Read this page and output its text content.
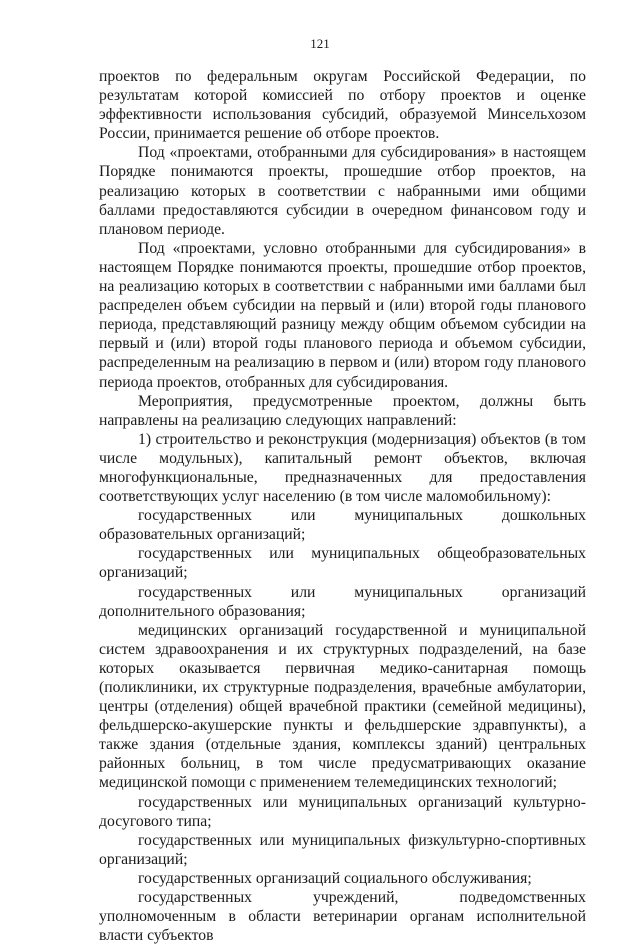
121

проектов по федеральным округам Российской Федерации, по результатам которой комиссией по отбору проектов и оценке эффективности использования субсидий, образуемой Минсельхозом России, принимается решение об отборе проектов.

Под «проектами, отобранными для субсидирования» в настоящем Порядке понимаются проекты, прошедшие отбор проектов, на реализацию которых в соответствии с набранными ими общими баллами предоставляются субсидии в очередном финансовом году и плановом периоде.

Под «проектами, условно отобранными для субсидирования» в настоящем Порядке понимаются проекты, прошедшие отбор проектов, на реализацию которых в соответствии с набранными ими баллами был распределен объем субсидии на первый и (или) второй годы планового периода, представляющий разницу между общим объемом субсидии на первый и (или) второй годы планового периода и объемом субсидии, распределенным на реализацию в первом и (или) втором году планового периода проектов, отобранных для субсидирования.

Мероприятия, предусмотренные проектом, должны быть направлены на реализацию следующих направлений:

1) строительство и реконструкция (модернизация) объектов (в том числе модульных), капитальный ремонт объектов, включая многофункциональные, предназначенных для предоставления соответствующих услуг населению (в том числе маломобильному):

государственных или муниципальных дошкольных образовательных организаций;

государственных или муниципальных общеобразовательных организаций;

государственных или муниципальных организаций дополнительного образования;

медицинских организаций государственной и муниципальной систем здравоохранения и их структурных подразделений, на базе которых оказывается первичная медико-санитарная помощь (поликлиники, их структурные подразделения, врачебные амбулатории, центры (отделения) общей врачебной практики (семейной медицины), фельдшерско-акушерские пункты и фельдшерские здравпункты), а также здания (отдельные здания, комплексы зданий) центральных районных больниц, в том числе предусматривающих оказание медицинской помощи с применением телемедицинских технологий;

государственных или муниципальных организаций культурно-досугового типа;

государственных или муниципальных физкультурно-спортивных организаций;

государственных организаций социального обслуживания;

государственных учреждений, подведомственных уполномоченным в области ветеринарии органам исполнительной власти субъектов
